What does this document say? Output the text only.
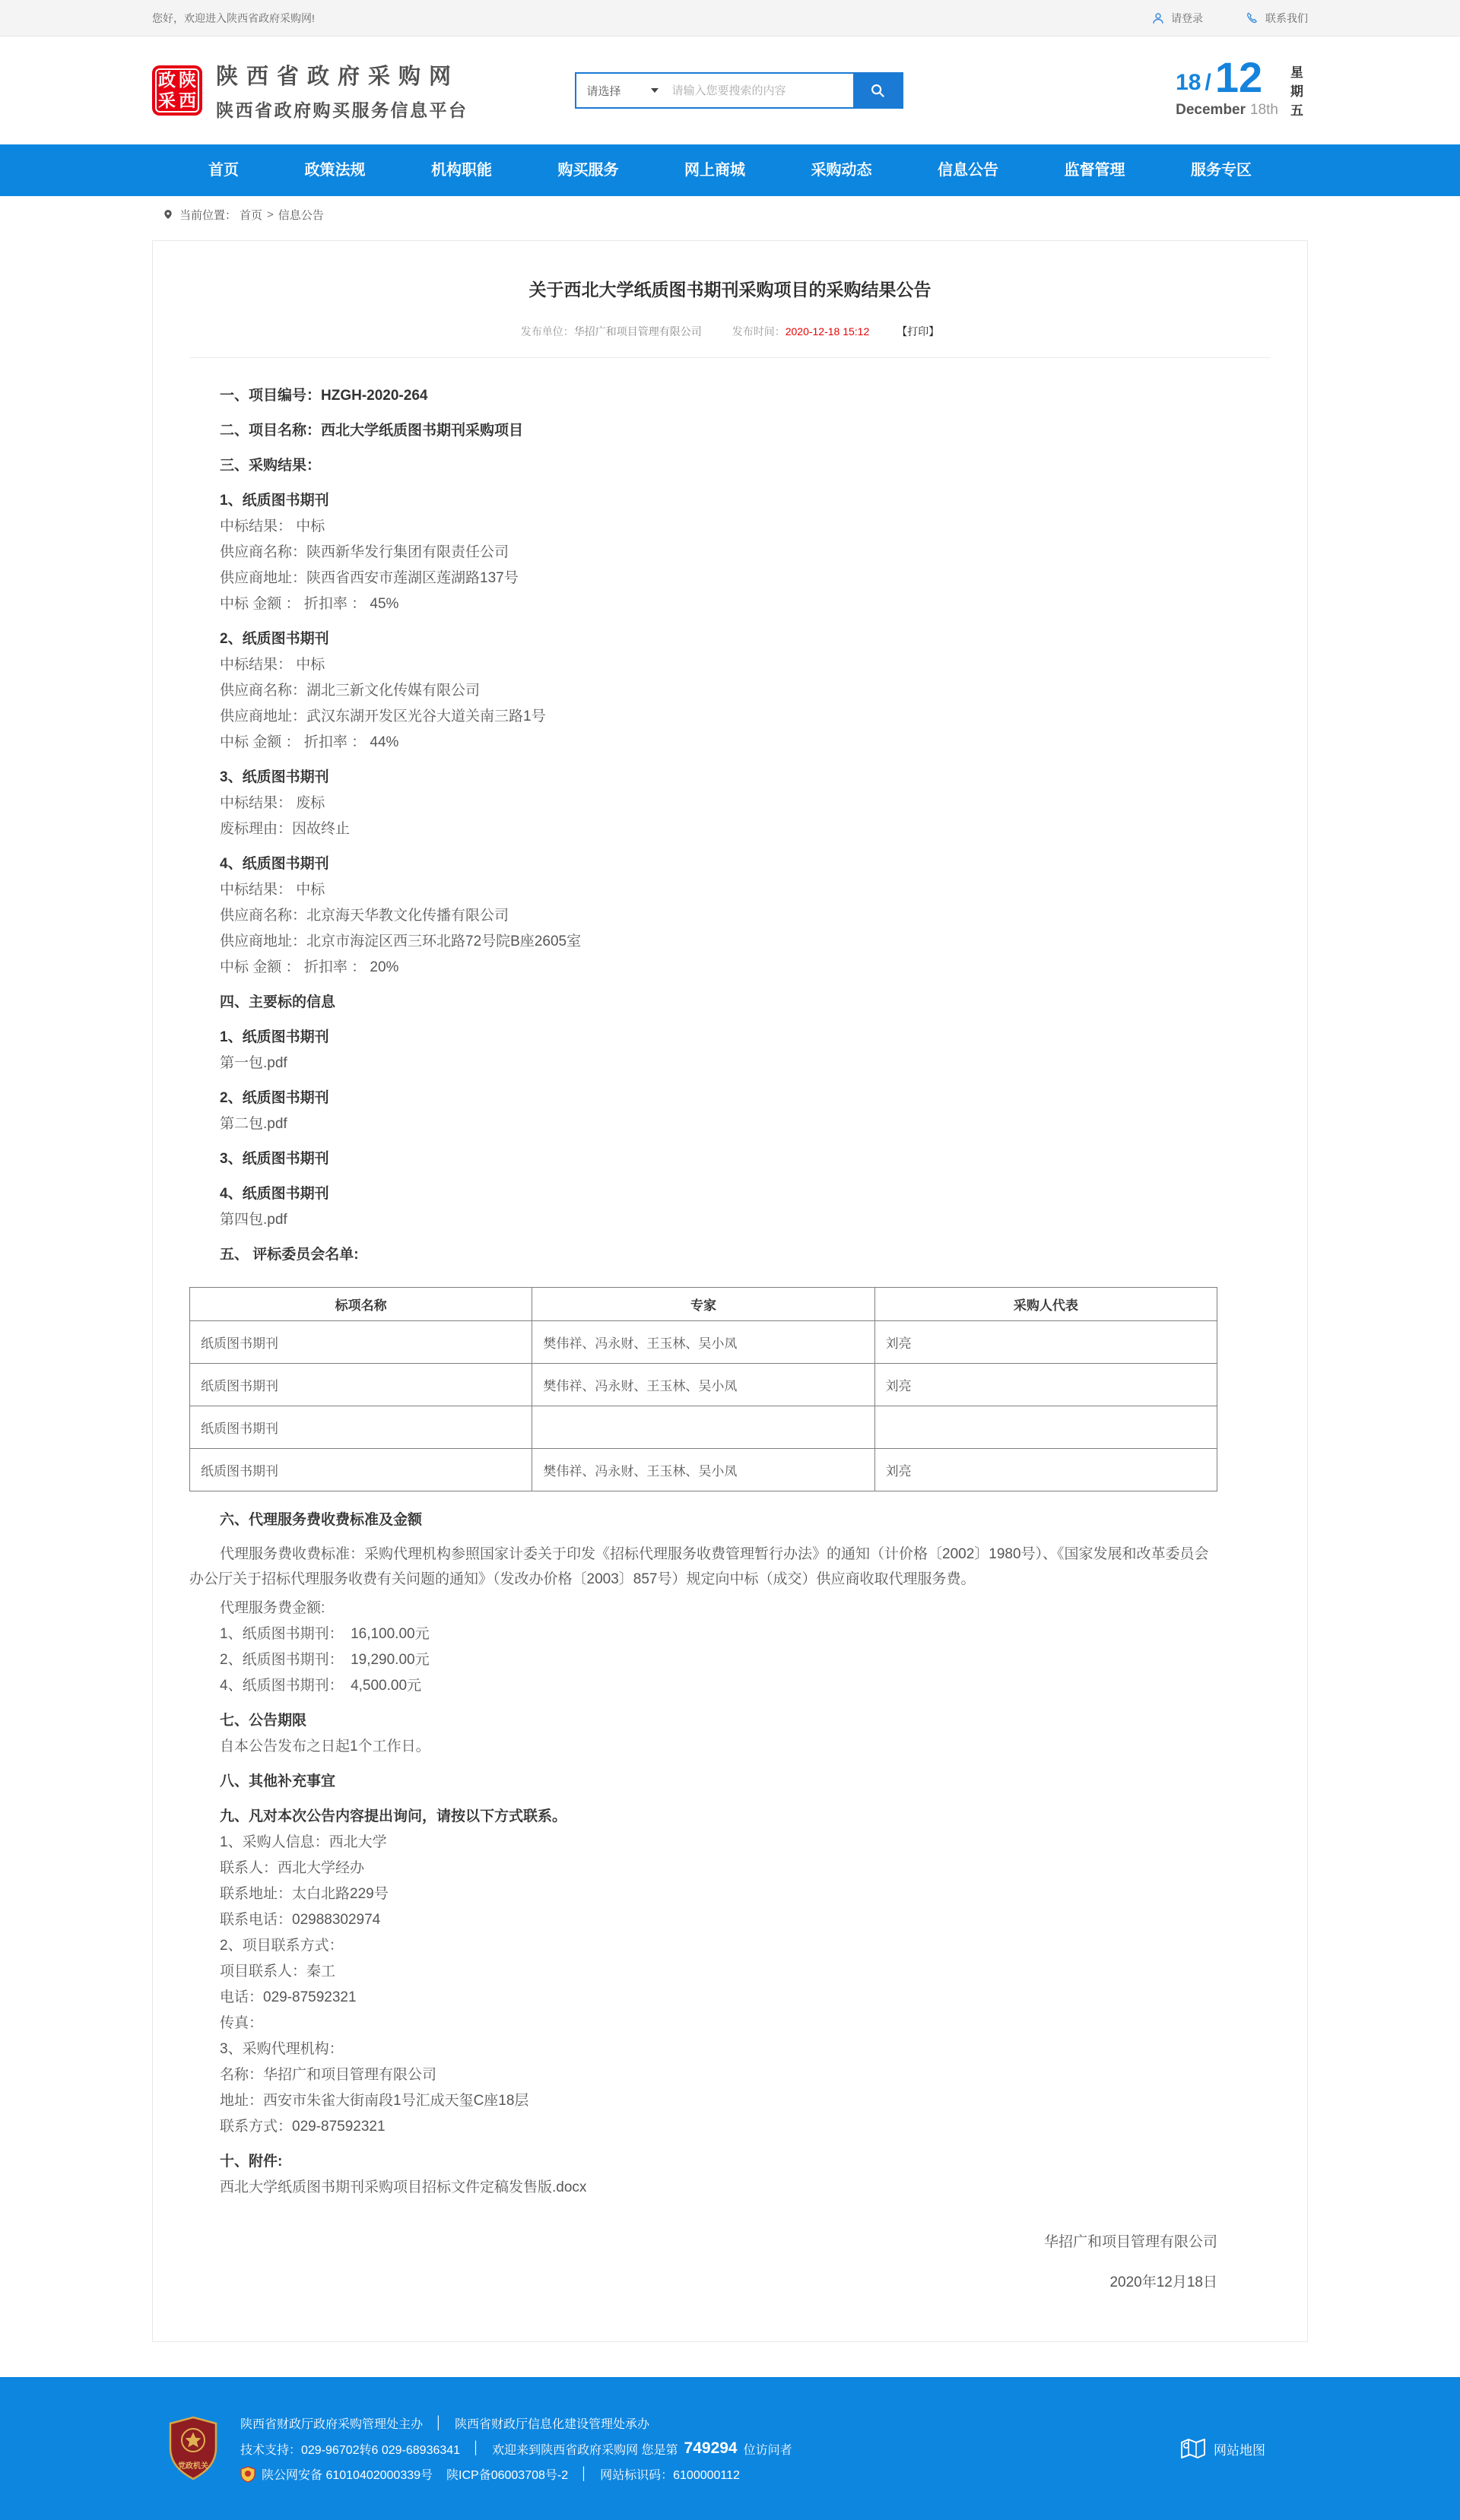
您好，欢迎进入陕西省政府采购网!	请登录	联系我们
政 陕
采 西
陕西省政府采购网
陕西省政府购买服务信息平台
请选择
请输入您要搜索的内容	18 / 12
December 18th
星
期
五
首页	政策法规	机构职能	购买服务	网上商城	采购动态	信息公告	监督管理	服务专区
当前位置： 首页 > 信息公告
关于西北大学纸质图书期刊采购项目的采购结果公告
发布单位：华招广和项目管理有限公司	发布时间：2020-12-18 15:12	【打印】

一、项目编号：HZGH-2020-264

二、项目名称：西北大学纸质图书期刊采购项目

三、采购结果：

1、纸质图书期刊

中标结果： 中标

供应商名称：陕西新华发行集团有限责任公司

供应商地址：陕西省西安市莲湖区莲湖路137号

中标 金额 ： 折扣率 ： 45%

2、纸质图书期刊

中标结果： 中标

供应商名称：湖北三新文化传媒有限公司

供应商地址：武汉东湖开发区光谷大道关南三路1号

中标 金额 ： 折扣率 ： 44%

3、纸质图书期刊

中标结果： 废标

废标理由：因故终止

4、纸质图书期刊

中标结果： 中标

供应商名称：北京海天华教文化传播有限公司

供应商地址：北京市海淀区西三环北路72号院B座2605室

中标 金额 ： 折扣率 ： 20%

四、主要标的信息

1、纸质图书期刊

第一包.pdf

2、纸质图书期刊

第二包.pdf

3、纸质图书期刊

4、纸质图书期刊

第四包.pdf

五、 评标委员会名单:

标项名称	专家	采购人代表
纸质图书期刊	樊伟祥、冯永财、王玉林、吴小凤	刘亮
纸质图书期刊	樊伟祥、冯永财、王玉林、吴小凤	刘亮
纸质图书期刊		
纸质图书期刊	樊伟祥、冯永财、王玉林、吴小凤	刘亮

六、代理服务费收费标准及金额

代理服务费收费标准：采购代理机构参照国家计委关于印发《招标代理服务收费管理暂行办法》的通知（计价格〔2002〕1980号）、《国家发展和改革委员会办公厅关于招标代理服务收费有关问题的通知》（发改办价格〔2003〕857号）规定向中标（成交）供应商收取代理服务费。

代理服务费金额:

1、纸质图书期刊：　16,100.00元

2、纸质图书期刊：　19,290.00元

4、纸质图书期刊：　4,500.00元

七、公告期限

自本公告发布之日起1个工作日。

八、其他补充事宜

九、凡对本次公告内容提出询问，请按以下方式联系。

1、采购人信息：西北大学

联系人：西北大学经办

联系地址：太白北路229号

联系电话：02988302974

2、项目联系方式：

项目联系人：秦工

电话：029-87592321

传真：

3、采购代理机构：

名称：华招广和项目管理有限公司

地址：西安市朱雀大街南段1号汇成天玺C座18层

联系方式：029-87592321

十、附件:

西北大学纸质图书期刊采购项目招标文件定稿发售版.docx

华招广和项目管理有限公司
2020年12月18日
党政机关
陕西省财政厅政府采购管理处主办 │ 陕西省财政厅信息化建设管理处承办
技术支持：029-96702转6 029-68936341 │ 欢迎来到陕西省政府采购网 您是第 749294 位访问者
陕公网安备 61010402000339号 陕ICP备06003708号-2 │ 网站标识码：6100000112
网站地图
